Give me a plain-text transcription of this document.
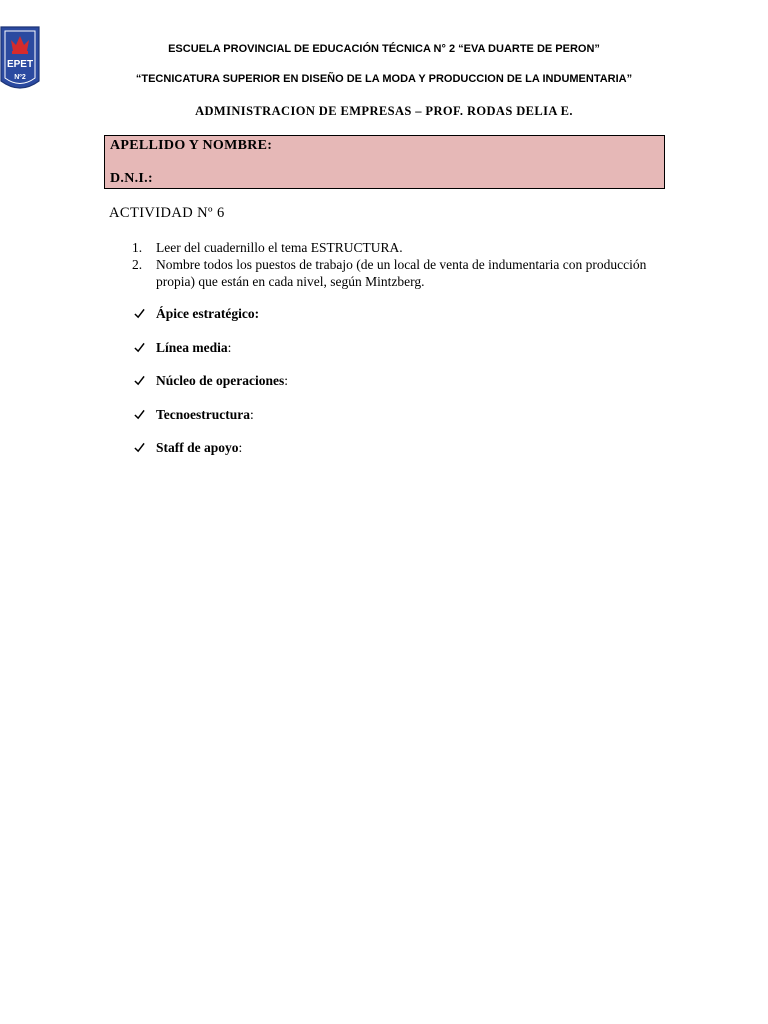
EPET
Nº2
ESCUELA PROVINCIAL DE EDUCACIÓN TÉCNICA N° 2 “EVA DUARTE DE PERON”
“TECNICATURA SUPERIOR EN DISEÑO DE LA MODA Y PRODUCCION DE LA INDUMENTARIA”
ADMINISTRACION DE EMPRESAS – PROF. RODAS DELIA E.
APELLIDO Y NOMBRE:
D.N.I.:
ACTIVIDAD Nº 6
1. Leer del cuadernillo el tema ESTRUCTURA.
2. Nombre todos los puestos de trabajo (de un local de venta de indumentaria con producción propia) que están en cada nivel, según Mintzberg.
Ápice estratégico:
Línea media:
Núcleo de operaciones:
Tecnoestructura:
Staff de apoyo:
